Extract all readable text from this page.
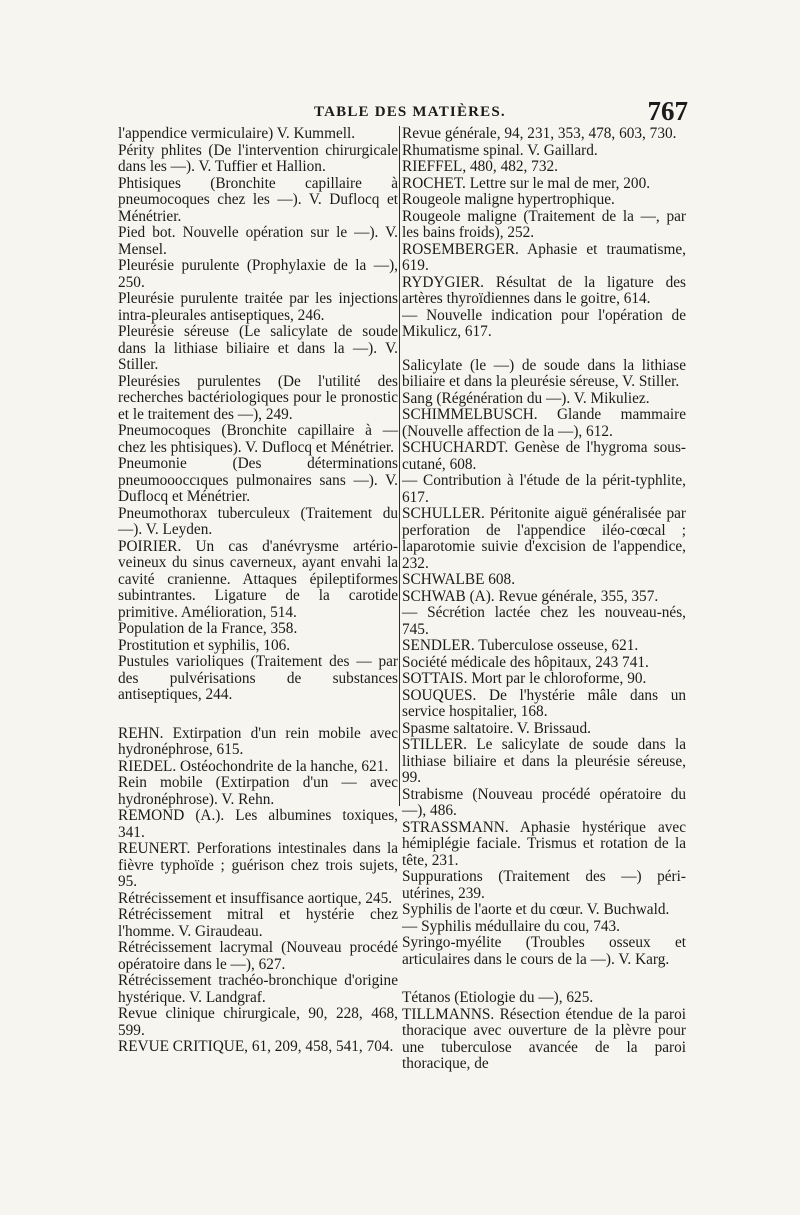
TABLE DES MATIÈRES.	767

l'appendice vermiculaire) V. Kummell.

Périty phlites (De l'intervention chirurgicale dans les —). V. Tuffier et Hallion.

Phtisiques (Bronchite capillaire à pneumocoques chez les —). V. Duflocq et Ménétrier.

Pied bot. Nouvelle opération sur le —). V. Mensel.

Pleurésie purulente (Prophylaxie de la —), 250.

Pleurésie purulente traitée par les injections intra-pleurales antiseptiques, 246.

Pleurésie séreuse (Le salicylate de soude dans la lithiase biliaire et dans la —). V. Stiller.

Pleurésies purulentes (De l'utilité des recherches bactériologiques pour le pronostic et le traitement des —), 249.

Pneumocoques (Bronchite capillaire à — chez les phtisiques). V. Duflocq et Ménétrier.

Pneumonie (Des déterminations pneumoooccıques pulmonaires sans —). V. Duflocq et Ménétrier.

Pneumothorax tuberculeux (Traitement du —). V. Leyden.

POIRIER. Un cas d'anévrysme artério-veineux du sinus caverneux, ayant envahi la cavité cranienne. Attaques épileptiformes subintrantes. Ligature de la carotide primitive. Amélioration, 514.

Population de la France, 358.

Prostitution et syphilis, 106.

Pustules varioliques (Traitement des — par des pulvérisations de substances antiseptiques, 244.

REHN. Extirpation d'un rein mobile avec hydronéphrose, 615.

RIEDEL. Ostéochondrite de la hanche, 621.

Rein mobile (Extirpation d'un — avec hydronéphrose). V. Rehn.

REMOND (A.). Les albumines toxiques, 341.

REUNERT. Perforations intestinales dans la fièvre typhoïde ; guérison chez trois sujets, 95.

Rétrécissement et insuffisance aortique, 245.

Rétrécissement mitral et hystérie chez l'homme. V. Giraudeau.

Rétrécissement lacrymal (Nouveau procédé opératoire dans le —), 627.

Rétrécissement trachéo-bronchique d'origine hystérique. V. Landgraf.

Revue clinique chirurgicale, 90, 228, 468, 599.

REVUE CRITIQUE, 61, 209, 458, 541, 704.

Revue générale, 94, 231, 353, 478, 603, 730.

Rhumatisme spinal. V. Gaillard.

RIEFFEL, 480, 482, 732.

ROCHET. Lettre sur le mal de mer, 200.

Rougeole maligne hypertrophique.

Rougeole maligne (Traitement de la —, par les bains froids), 252.

ROSEMBERGER. Aphasie et traumatisme, 619.

RYDYGIER. Résultat de la ligature des artères thyroïdiennes dans le goitre, 614.

— Nouvelle indication pour l'opération de Mikulicz, 617.

Salicylate (le —) de soude dans la lithiase biliaire et dans la pleurésie séreuse, V. Stiller.

Sang (Régénération du —). V. Mikuliez.

SCHIMMELBUSCH. Glande mammaire (Nouvelle affection de la —), 612.

SCHUCHARDT. Genèse de l'hygroma sous-cutané, 608.

— Contribution à l'étude de la périt-typhlite, 617.

SCHULLER. Péritonite aiguë généralisée par perforation de l'appendice iléo-cœcal ; laparotomie suivie d'excision de l'appendice, 232.

SCHWALBE 608.

SCHWAB (A). Revue générale, 355, 357.

— Sécrétion lactée chez les nouveau-nés, 745.

SENDLER. Tuberculose osseuse, 621.

Société médicale des hôpitaux, 243 741.

SOTTAIS. Mort par le chloroforme, 90.

SOUQUES. De l'hystérie mâle dans un service hospitalier, 168.

Spasme saltatoire. V. Brissaud.

STILLER. Le salicylate de soude dans la lithiase biliaire et dans la pleurésie séreuse, 99.

Strabisme (Nouveau procédé opératoire du —), 486.

STRASSMANN. Aphasie hystérique avec hémiplégie faciale. Trismus et rotation de la tête, 231.

Suppurations (Traitement des —) péri-utérines, 239.

Syphilis de l'aorte et du cœur. V. Buchwald.

— Syphilis médullaire du cou, 743.

Syringo-myélite (Troubles osseux et articulaires dans le cours de la —). V. Karg.

Tétanos (Etiologie du —), 625.

TILLMANNS. Résection étendue de la paroi thoracique avec ouverture de la plèvre pour une tuberculose avancée de la paroi thoracique, de
